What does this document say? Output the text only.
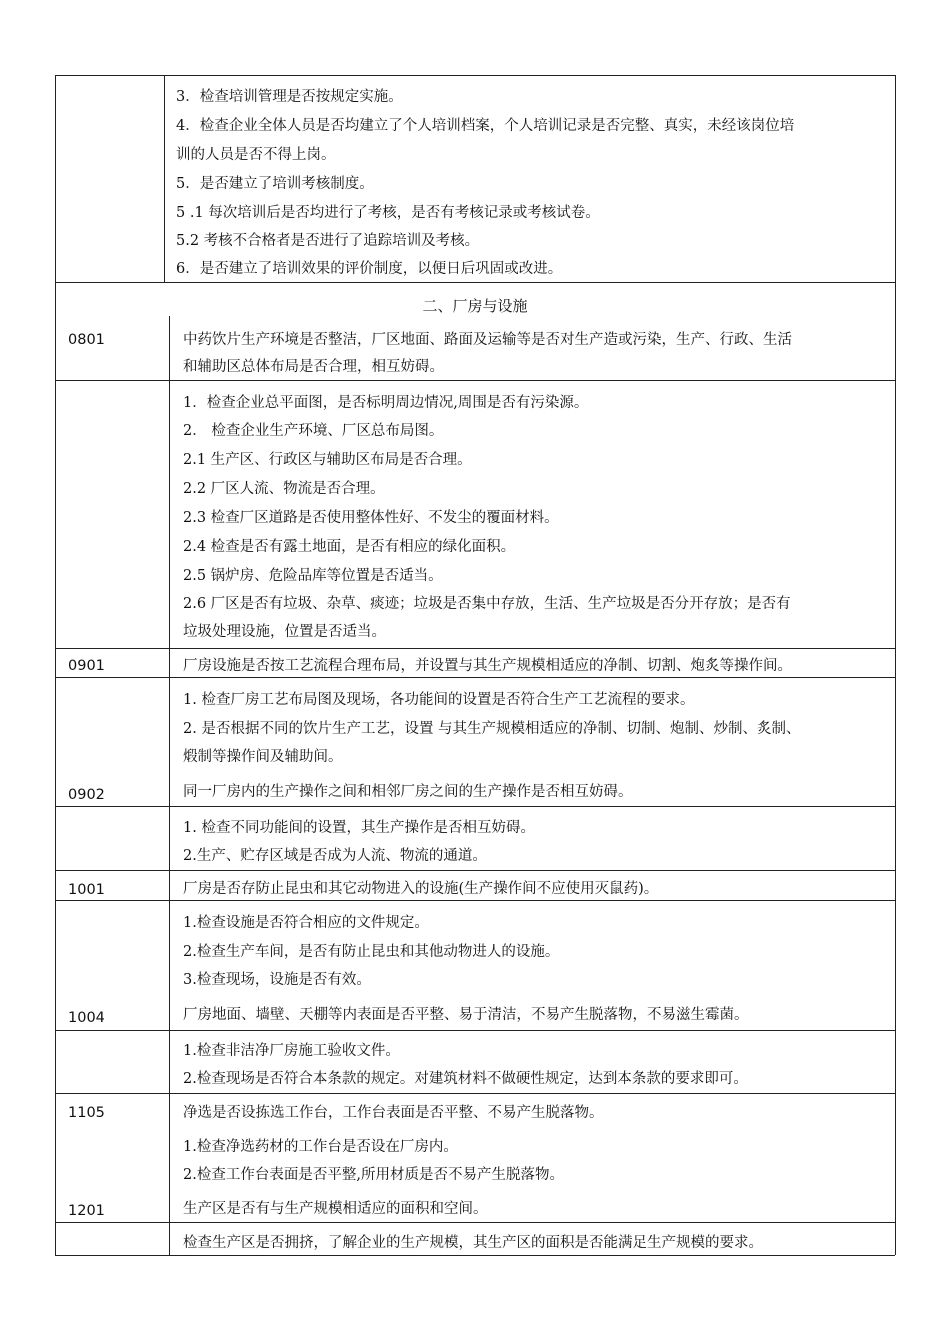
二、厂房与设施
0801
0901
0902
1001
1004
1105
1201
3．检查培训管理是否按规定实施。
4．检查企业全体人员是否均建立了个人培训档案，个人培训记录是否完整、真实，未经该岗位培
训的人员是否不得上岗。
5．是否建立了培训考核制度。
5 .1 每次培训后是否均进行了考核，是否有考核记录或考核试卷。
5.2 考核不合格者是否进行了追踪培训及考核。
6．是否建立了培训效果的评价制度，以便日后巩固或改进。
中药饮片生产环境是否整洁，厂区地面、路面及运输等是否对生产造或污染，生产、行政、生活
和辅助区总体布局是否合理，相互妨碍。
1．检查企业总平面图，是否标明周边情况,周围是否有污染源。
2． 检查企业生产环境、厂区总布局图。
2.1 生产区、行政区与辅助区布局是否合理。
2.2 厂区人流、物流是否合理。
2.3 检查厂区道路是否使用整体性好、不发尘的覆面材料。
2.4 检查是否有露土地面，是否有相应的绿化面积。
2.5 锅炉房、危险品库等位置是否适当。
2.6 厂区是否有垃圾、杂草、痰迹；垃圾是否集中存放，生活、生产垃圾是否分开存放；是否有
垃圾处理设施，位置是否适当。
厂房设施是否按工艺流程合理布局，并设置与其生产规模相适应的净制、切割、炮炙等操作间。
1. 检查厂房工艺布局图及现场，各功能间的设置是否符合生产工艺流程的要求。
2. 是否根据不同的饮片生产工艺，设置 与其生产规模相适应的净制、切制、炮制、炒制、炙制、
煅制等操作间及辅助间。
同一厂房内的生产操作之间和相邻厂房之间的生产操作是否相互妨碍。
1. 检查不同功能间的设置，其生产操作是否相互妨碍。
2.生产、贮存区域是否成为人流、物流的通道。
厂房是否存防止昆虫和其它动物进入的设施(生产操作间不应使用灭鼠药)。
1.检查设施是否符合相应的文件规定。
2.检查生产车间，是否有防止昆虫和其他动物进人的设施。
3.检查现场，设施是否有效。
厂房地面、墙壁、天棚等内表面是否平整、易于清洁，不易产生脱落物，不易滋生霉菌。
1.检查非洁净厂房施工验收文件。
2.检查现场是否符合本条款的规定。对建筑材料不做硬性规定，达到本条款的要求即可。
净选是否设拣选工作台，工作台表面是否平整、不易产生脱落物。
1.检查净选药材的工作台是否设在厂房内。
2.检查工作台表面是否平整,所用材质是否不易产生脱落物。
生产区是否有与生产规模相适应的面积和空间。
检查生产区是否拥挤，了解企业的生产规模，其生产区的面积是否能满足生产规模的要求。
